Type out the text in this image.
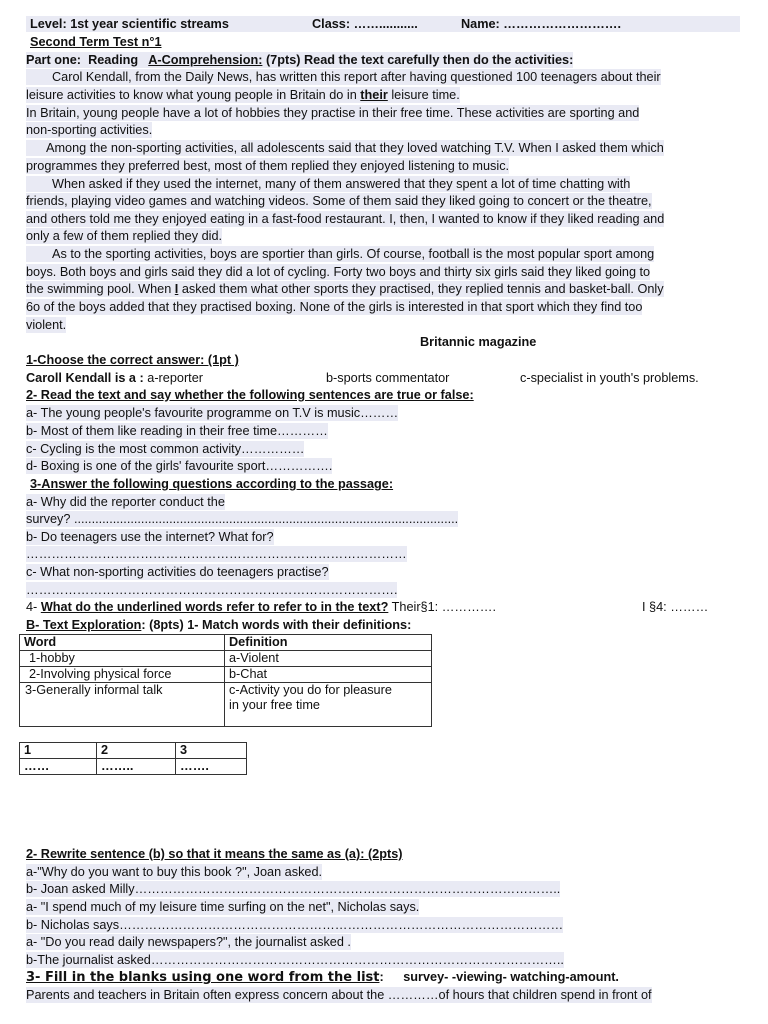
Level: 1st year scientific streams	Class: ……...........	Name: ……………………….
Second Term Test n°1
Part one: Reading A-Comprehension: (7pts) Read the text carefully then do the activities:
Carol Kendall, from the Daily News, has written this report after having questioned 100 teenagers about their
leisure activities to know what young people in Britain do in their leisure time.
In Britain, young people have a lot of hobbies they practise in their free time. These activities are sporting and
non-sporting activities.
Among the non-sporting activities, all adolescents said that they loved watching T.V. When I asked them which
programmes they preferred best, most of them replied they enjoyed listening to music.
When asked if they used the internet, many of them answered that they spent a lot of time chatting with
friends, playing video games and watching videos. Some of them said they liked going to concert or the theatre,
and others told me they enjoyed eating in a fast-food restaurant. I, then, I wanted to know if they liked reading and
only a few of them replied they did.
As to the sporting activities, boys are sportier than girls. Of course, football is the most popular sport among
boys. Both boys and girls said they did a lot of cycling. Forty two boys and thirty six girls said they liked going to
the swimming pool. When I asked them what other sports they practised, they replied tennis and basket-ball. Only
6o of the boys added that they practised boxing. None of the girls is interested in that sport which they find too
violent.
Britannic magazine
1-Choose the correct answer: (1pt )
Caroll Kendall is a : a-reporter	b-sports commentator	c-specialist in youth's problems.
2- Read the text and say whether the following sentences are true or false:
a- The young people's favourite programme on T.V is music………
b- Most of them like reading in their free time…………
c- Cycling is the most common activity……………
d- Boxing is one of the girls' favourite sport…………….
3-Answer the following questions according to the passage:
a- Why did the reporter conduct the
survey? .............................................................................................................
b- Do teenagers use the internet? What for?
………………………………………………………………………………
c- What non-sporting activities do teenagers practise?
…………………………………………………………………………….
4- What do the underlined words refer to refer to in the text? Their§1: ………….	I §4: ………
B- Text Exploration: (8pts) 1- Match words with their definitions:
Word	Definition
1-hobby	a-Violent
2-Involving physical force	b-Chat
3-Generally informal talk	c-Activity you do for pleasure
in your free time
1	2	3
……	……..	…….
2- Rewrite sentence (b) so that it means the same as (a): (2pts)
a-"Why do you want to buy this book ?", Joan asked.
b- Joan asked Milly………………………………………………………………………………………..
a- "I spend much of my leisure time surfing on the net", Nicholas says.
b- Nicholas says……………………………………………………………………………………………
a- "Do you read daily newspapers?", the journalist asked .
b-The journalist asked……………………………………………………………………………………..
3- Fill in the blanks using one word from the list: survey- -viewing- watching-amount.
Parents and teachers in Britain often express concern about the …………of hours that children spend in front of
